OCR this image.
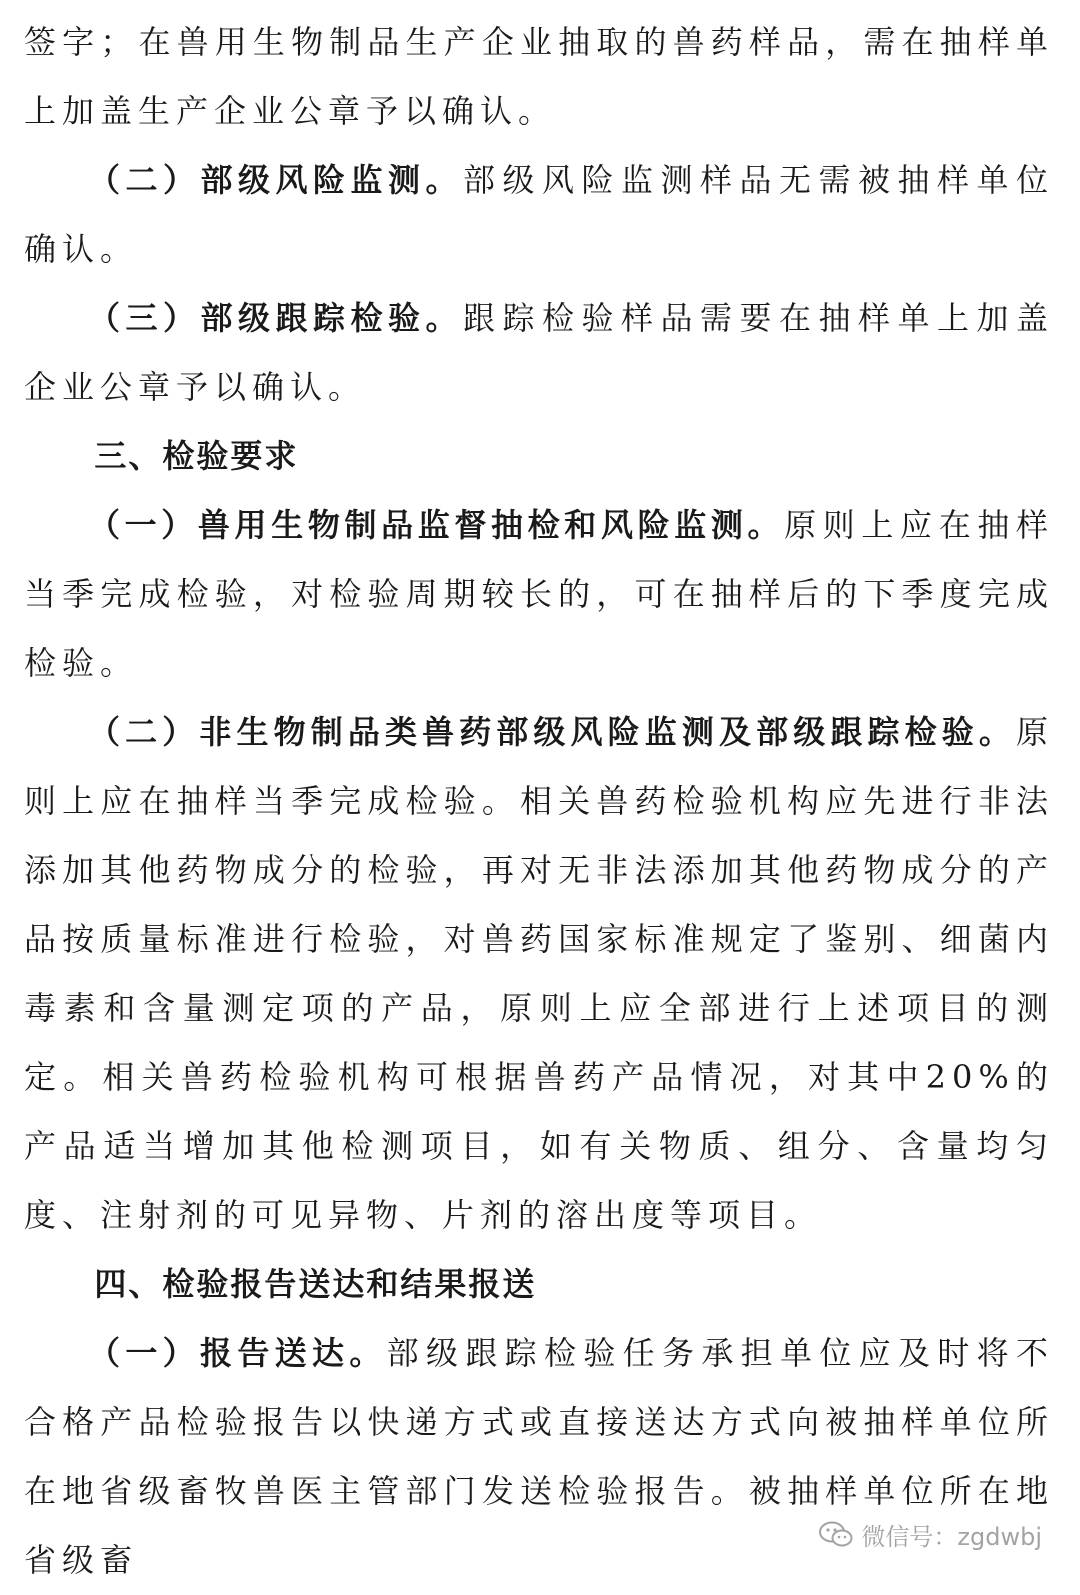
签字；在兽用生物制品生产企业抽取的兽药样品，需在抽样单上加盖生产企业公章予以确认。

（二）部级风险监测。部级风险监测样品无需被抽样单位确认。

（三）部级跟踪检验。跟踪检验样品需要在抽样单上加盖企业公章予以确认。

三、检验要求

（一）兽用生物制品监督抽检和风险监测。原则上应在抽样当季完成检验，对检验周期较长的，可在抽样后的下季度完成检验。

（二）非生物制品类兽药部级风险监测及部级跟踪检验。原则上应在抽样当季完成检验。相关兽药检验机构应先进行非法添加其他药物成分的检验，再对无非法添加其他药物成分的产品按质量标准进行检验，对兽药国家标准规定了鉴别、细菌内毒素和含量测定项的产品，原则上应全部进行上述项目的测定。相关兽药检验机构可根据兽药产品情况，对其中20%的产品适当增加其他检测项目，如有关物质、组分、含量均匀度、注射剂的可见异物、片剂的溶出度等项目。

四、检验报告送达和结果报送

（一）报告送达。部级跟踪检验任务承担单位应及时将不合格产品检验报告以快递方式或直接送达方式向被抽样单位所在地省级畜牧兽医主管部门发送检验报告。被抽样单位所在地省级畜

微信号：zgdwbj
